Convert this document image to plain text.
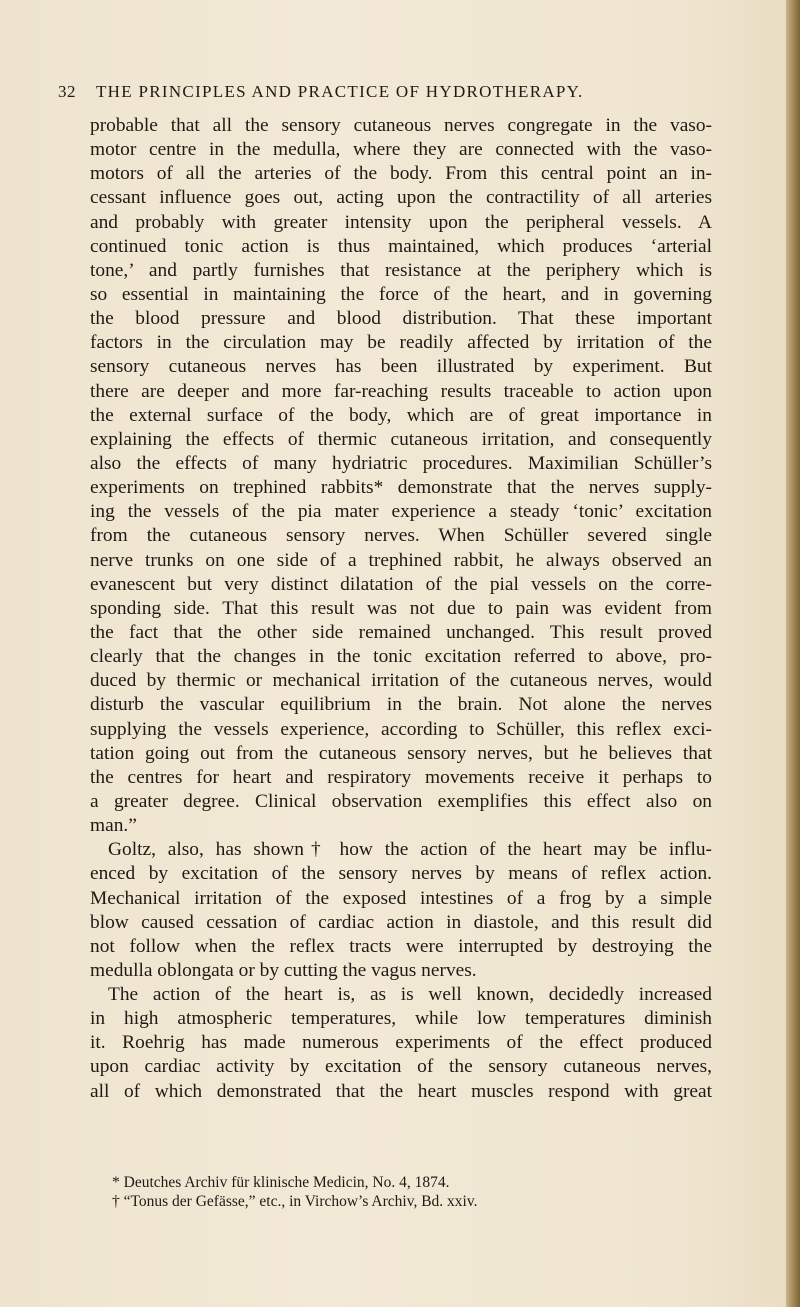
32 THE PRINCIPLES AND PRACTICE OF HYDROTHERAPY.
probable that all the sensory cutaneous nerves congregate in the vaso-
motor centre in the medulla, where they are connected with the vaso-
motors of all the arteries of the body. From this central point an in-
cessant influence goes out, acting upon the contractility of all arteries
and probably with greater intensity upon the peripheral vessels. A
continued tonic action is thus maintained, which produces ‘arterial
tone,’ and partly furnishes that resistance at the periphery which is
so essential in maintaining the force of the heart, and in governing
the blood pressure and blood distribution. That these important
factors in the circulation may be readily affected by irritation of the
sensory cutaneous nerves has been illustrated by experiment. But
there are deeper and more far-reaching results traceable to action upon
the external surface of the body, which are of great importance in
explaining the effects of thermic cutaneous irritation, and consequently
also the effects of many hydriatric procedures. Maximilian Schüller’s
experiments on trephined rabbits* demonstrate that the nerves supply-
ing the vessels of the pia mater experience a steady ‘tonic’ excitation
from the cutaneous sensory nerves. When Schüller severed single
nerve trunks on one side of a trephined rabbit, he always observed an
evanescent but very distinct dilatation of the pial vessels on the corre-
sponding side. That this result was not due to pain was evident from
the fact that the other side remained unchanged. This result proved
clearly that the changes in the tonic excitation referred to above, pro-
duced by thermic or mechanical irritation of the cutaneous nerves, would
disturb the vascular equilibrium in the brain. Not alone the nerves
supplying the vessels experience, according to Schüller, this reflex exci-
tation going out from the cutaneous sensory nerves, but he believes that
the centres for heart and respiratory movements receive it perhaps to
a greater degree. Clinical observation exemplifies this effect also on
man.”
Goltz, also, has shown† how the action of the heart may be influ-
enced by excitation of the sensory nerves by means of reflex action.
Mechanical irritation of the exposed intestines of a frog by a simple
blow caused cessation of cardiac action in diastole, and this result did
not follow when the reflex tracts were interrupted by destroying the
medulla oblongata or by cutting the vagus nerves.
The action of the heart is, as is well known, decidedly increased
in high atmospheric temperatures, while low temperatures diminish
it. Roehrig has made numerous experiments of the effect produced
upon cardiac activity by excitation of the sensory cutaneous nerves,
all of which demonstrated that the heart muscles respond with great
* Deutches Archiv für klinische Medicin, No. 4, 1874.
† “Tonus der Gefässe,” etc., in Virchow’s Archiv, Bd. xxiv.
